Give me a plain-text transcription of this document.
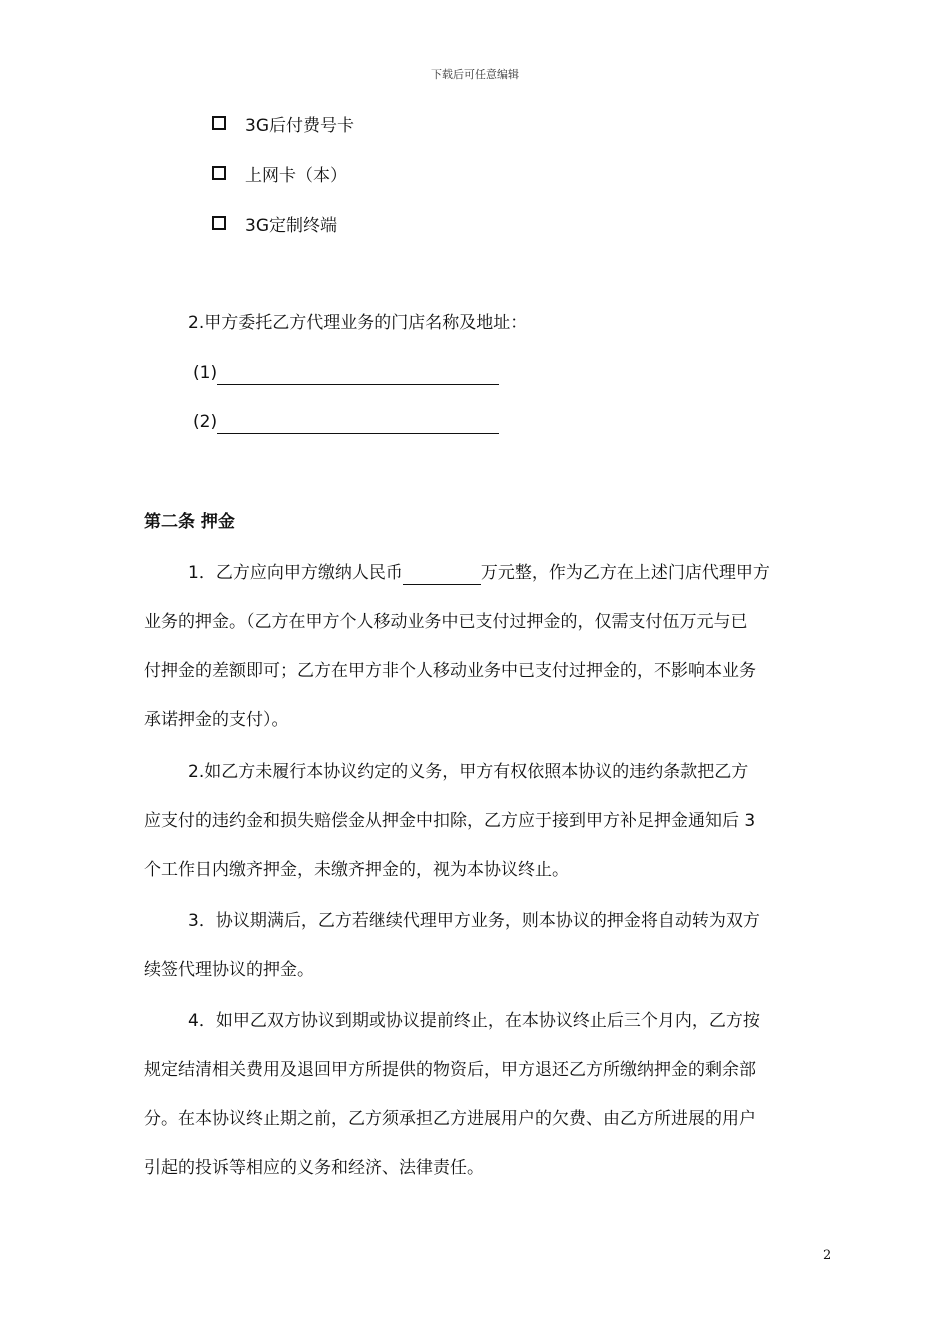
下载后可任意编辑
3G后付费号卡
上网卡（本）
3G定制终端
2.甲方委托乙方代理业务的门店名称及地址：
(1)
(2)
第二条 押金
1．乙方应向甲方缴纳人民币	万元整，作为乙方在上述门店代理甲方
业务的押金。（乙方在甲方个人移动业务中已支付过押金的，仅需支付伍万元与已
付押金的差额即可；乙方在甲方非个人移动业务中已支付过押金的，不影响本业务
承诺押金的支付）。
2.如乙方未履行本协议约定的义务，甲方有权依照本协议的违约条款把乙方
应支付的违约金和损失赔偿金从押金中扣除，乙方应于接到甲方补足押金通知后 3
个工作日内缴齐押金，未缴齐押金的，视为本协议终止。
3．协议期满后，乙方若继续代理甲方业务，则本协议的押金将自动转为双方
续签代理协议的押金。
4．如甲乙双方协议到期或协议提前终止，在本协议终止后三个月内，乙方按
规定结清相关费用及退回甲方所提供的物资后，甲方退还乙方所缴纳押金的剩余部
分。在本协议终止期之前，乙方须承担乙方进展用户的欠费、由乙方所进展的用户
引起的投诉等相应的义务和经济、法律责任。
2
